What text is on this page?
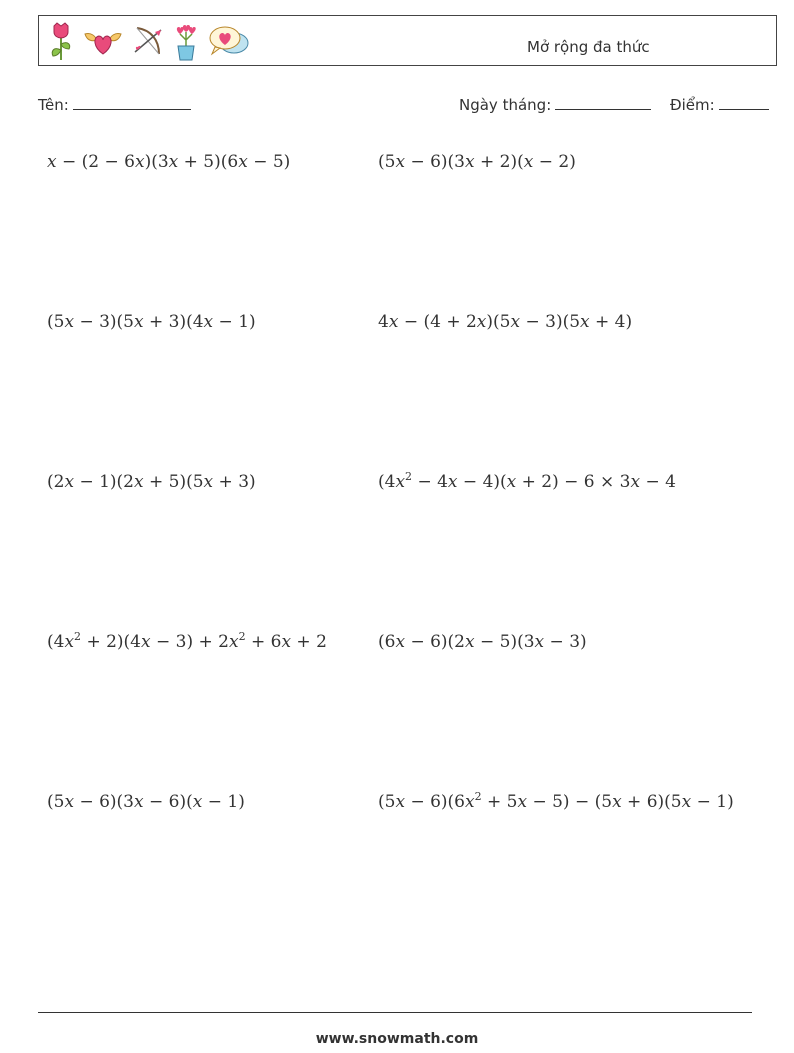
Mở rộng đa thức
Tên:	Ngày tháng:	Điểm:
x − (2 − 6x)(3x + 5)(6x − 5)	(5x − 6)(3x + 2)(x − 2)
(5x − 3)(5x + 3)(4x − 1)	4x − (4 + 2x)(5x − 3)(5x + 4)
(2x − 1)(2x + 5)(5x + 3)	$(4x^2 - 4x - 4)(x + 2) - 6 \times 3x - 4$
$(4x^2 + 2)(4x - 3) + 2x^2 + 6x + 2$	(6x − 6)(2x − 5)(3x − 3)
(5x − 6)(3x − 6)(x − 1)	$(5x - 6)(6x^2 + 5x - 5) - (5x + 6)(5x - 1)$
www.snowmath.com
